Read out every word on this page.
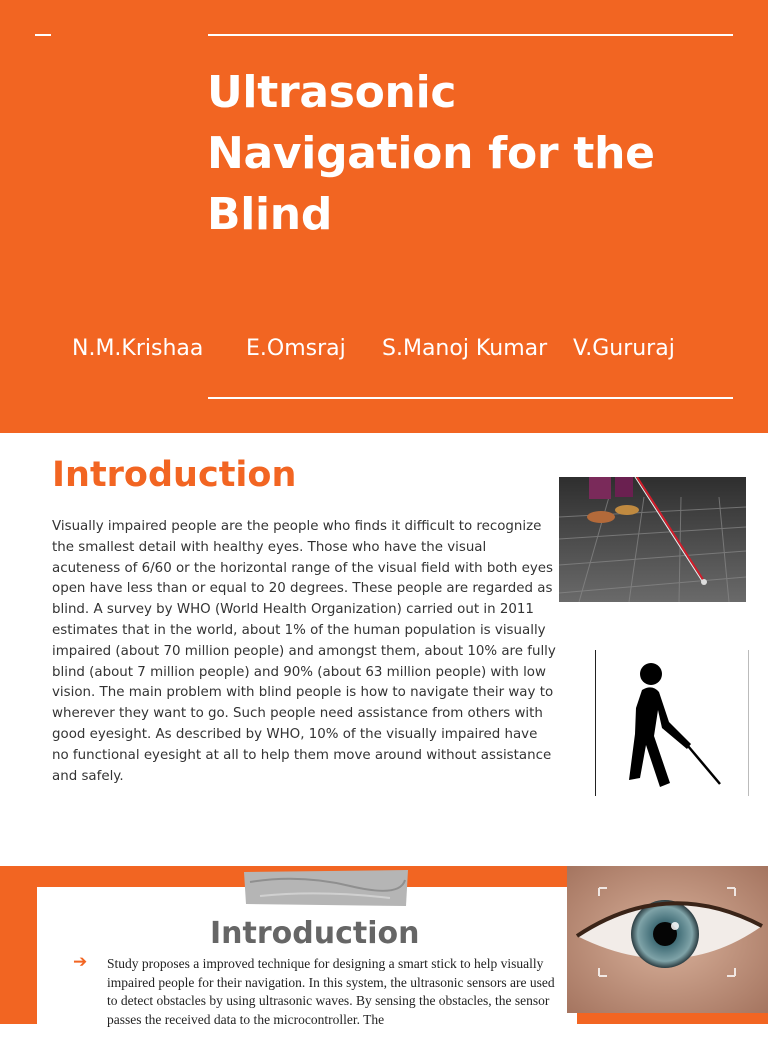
Ultrasonic
Navigation for the
Blind
N.M.Krishaa E.Omsraj S.Manoj Kumar V.Gururaj
Introduction

Visually impaired people are the people who finds it difficult to recognize the smallest detail with healthy eyes. Those who have the visual acuteness of 6/60 or the horizontal range of the visual field with both eyes open have less than or equal to 20 degrees. These people are regarded as blind. A survey by WHO (World Health Organization) carried out in 2011 estimates that in the world, about 1% of the human population is visually impaired (about 70 million people) and amongst them, about 10% are fully blind (about 7 million people) and 90% (about 63 million people) with low vision. The main problem with blind people is how to navigate their way to wherever they want to go. Such people need assistance from others with good eyesight. As described by WHO, 10% of the visually impaired have no functional eyesight at all to help them move around without assistance and safely.

Introduction
➔ Study proposes a improved technique for designing a smart stick to help visually impaired people for their navigation. In this system, the ultrasonic sensors are used to detect obstacles by using ultrasonic waves. By sensing the obstacles, the sensor passes the received data to the microcontroller. The
